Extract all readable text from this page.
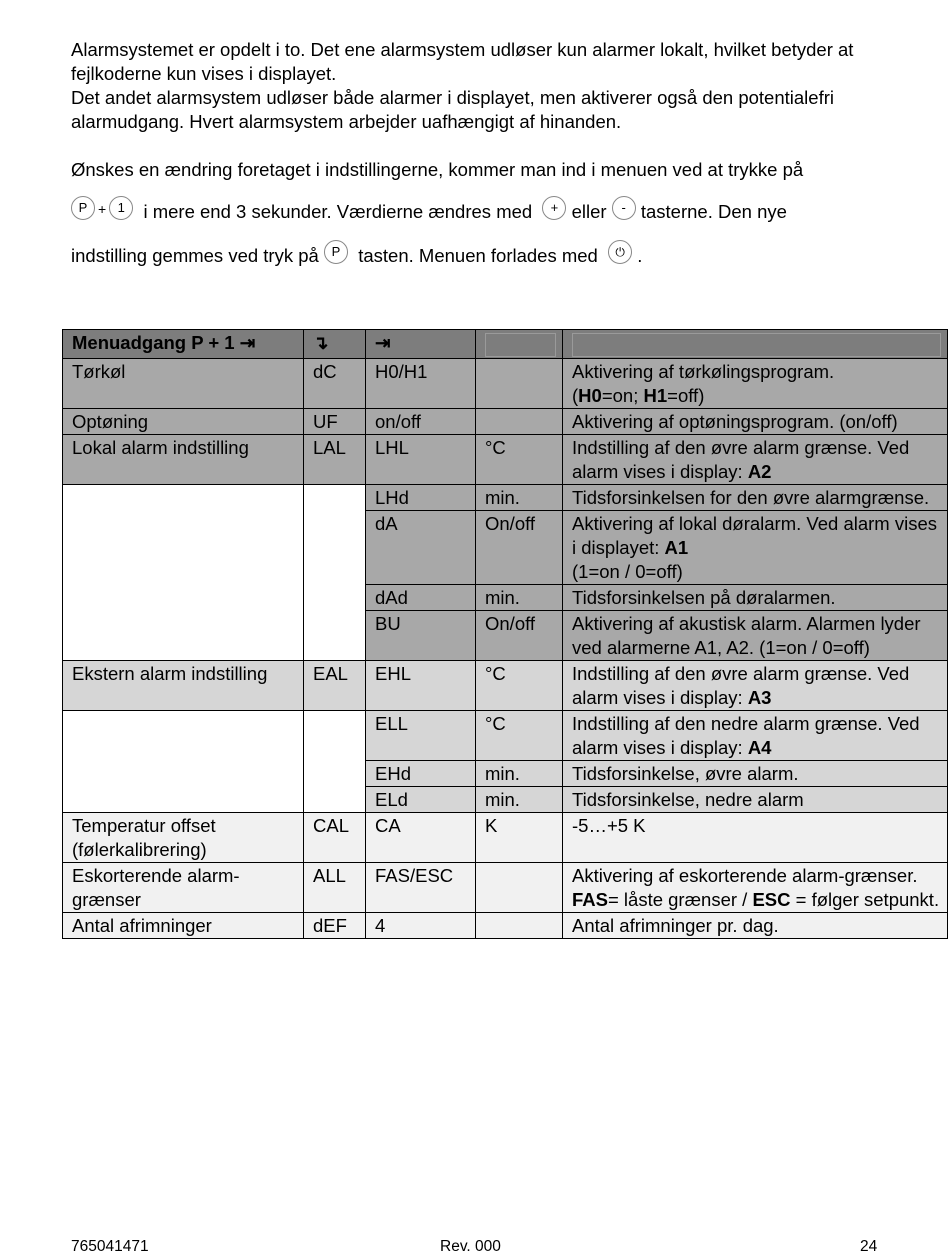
Alarmsystemet er opdelt i to. Det ene alarmsystem udløser kun alarmer lokalt, hvilket betyder at fejlkoderne kun vises i displayet.
Det andet alarmsystem udløser både alarmer i displayet, men aktiverer også den potentialefri alarmudgang. Hvert alarmsystem arbejder uafhængigt af hinanden.
Ønskes en ændring foretaget i indstillingerne, kommer man ind i menuen ved at trykke på
P + 1 i mere end 3 sekunder. Værdierne ændres med + eller - tasterne. Den nye
indstilling gemmes ved tryk på P tasten. Menuen forlades med ⏻ .
Menuadgang P + 1 ⇥	↴	⇥	

Tørkøl	dC	H0/H1		Aktivering af tørkølingsprogram.
(H0=on; H1=off)
Optøning	UF	on/off		Aktivering af optøningsprogram. (on/off)
Lokal alarm indstilling	LAL	LHL	°C	Indstilling af den øvre alarm grænse. Ved alarm vises i display: A2
		LHd	min.	Tidsforsinkelsen for den øvre alarmgrænse.
		dA	On/off	Aktivering af lokal døralarm. Ved alarm vises i displayet: A1
(1=on / 0=off)
		dAd	min.	Tidsforsinkelsen på døralarmen.
		BU	On/off	Aktivering af akustisk alarm. Alarmen lyder ved alarmerne A1, A2. (1=on / 0=off)
Ekstern alarm indstilling	EAL	EHL	°C	Indstilling af den øvre alarm grænse. Ved alarm vises i display: A3
		ELL	°C	Indstilling af den nedre alarm grænse. Ved alarm vises i display: A4
		EHd	min.	Tidsforsinkelse, øvre alarm.
		ELd	min.	Tidsforsinkelse, nedre alarm
Temperatur offset (følerkalibrering)	CAL	CA	K	-5…+5 K
Eskorterende alarm-grænser	ALL	FAS/ESC		Aktivering af eskorterende alarm-grænser.
FAS= låste grænser / ESC = følger setpunkt.
Antal afrimninger	dEF	4		Antal afrimninger pr. dag.
765041471	Rev. 000	24
